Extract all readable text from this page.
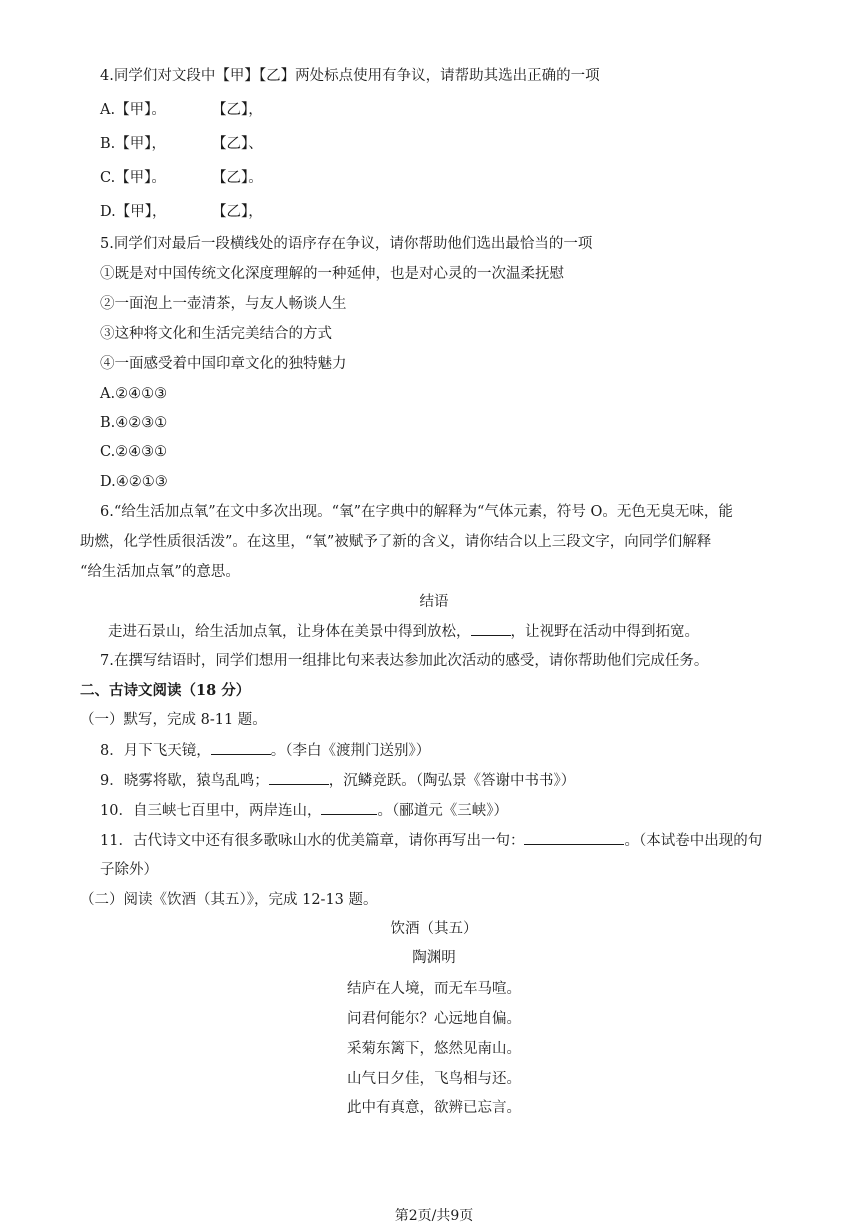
4.同学们对文段中【甲】【乙】两处标点使用有争议，请帮助其选出正确的一项
A.【甲】。	【乙】，
B.【甲】，	【乙】、
C.【甲】。	【乙】。
D.【甲】，	【乙】，
5.同学们对最后一段横线处的语序存在争议，请你帮助他们选出最恰当的一项
①既是对中国传统文化深度理解的一种延伸，也是对心灵的一次温柔抚慰
②一面泡上一壶清茶，与友人畅谈人生
③这种将文化和生活完美结合的方式
④一面感受着中国印章文化的独特魅力
A.②④①③
B.④②③①
C.②④③①
D.④②①③
6.“给生活加点氧”在文中多次出现。“氧”在字典中的解释为“气体元素，符号 O。无色无臭无味，能
助燃，化学性质很活泼”。在这里，“氧”被赋予了新的含义，请你结合以上三段文字，向同学们解释
“给生活加点氧”的意思。
结语
走进石景山，给生活加点氧，让身体在美景中得到放松，	，让视野在活动中得到拓宽。
7.在撰写结语时，同学们想用一组排比句来表达参加此次活动的感受，请你帮助他们完成任务。
二、古诗文阅读（18 分）
（一）默写，完成 8-11 题。
8．月下飞天镜，	。（李白《渡荆门送别》）
9．晓雾将歇，猿鸟乱鸣；	，沉鳞竞跃。（陶弘景《答谢中书书》）
10．自三峡七百里中，两岸连山，	。（郦道元《三峡》）
11．古代诗文中还有很多歌咏山水的优美篇章，请你再写出一句：	。（本试卷中出现的句
子除外）
（二）阅读《饮酒（其五）》，完成 12-13 题。
饮酒（其五）
陶渊明
结庐在人境，而无车马喧。
问君何能尔？心远地自偏。
采菊东篱下，悠然见南山。
山气日夕佳，飞鸟相与还。
此中有真意，欲辨已忘言。
第2页/共9页
